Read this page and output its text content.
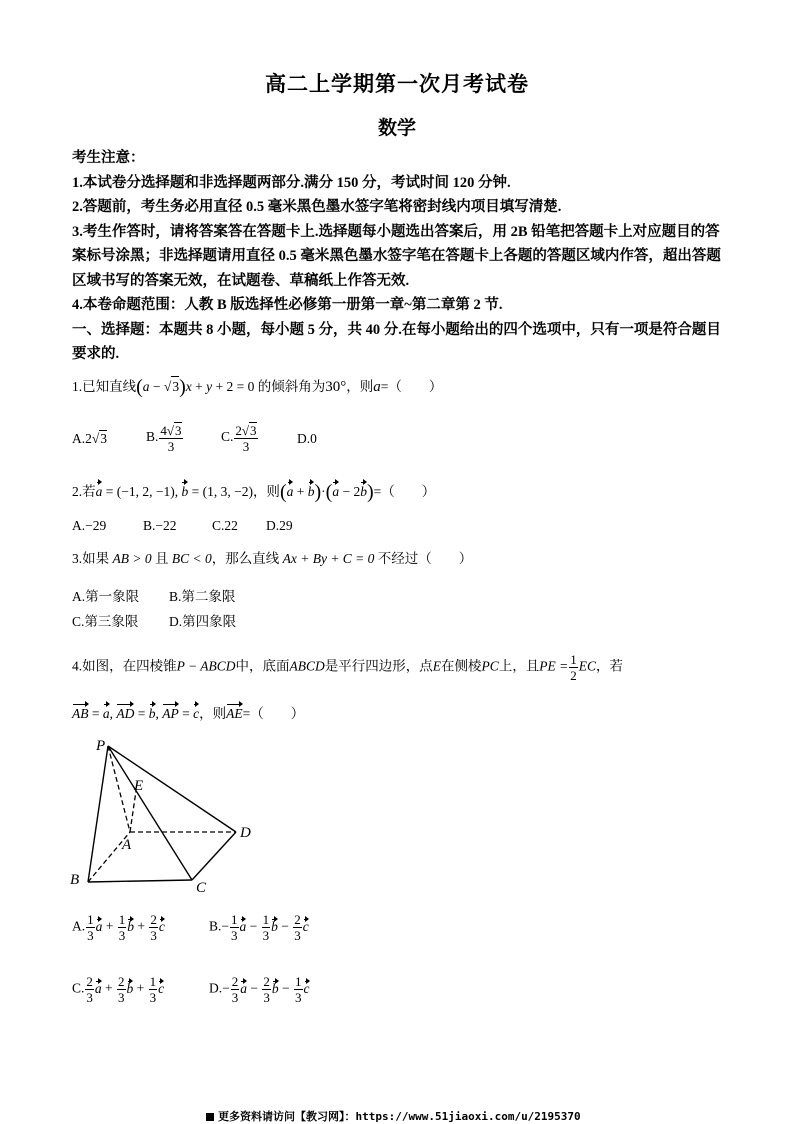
高二上学期第一次月考试卷
数学

考生注意：

1.本试卷分选择题和非选择题两部分.满分 150 分，考试时间 120 分钟.

2.答题前，考生务必用直径 0.5 毫米黑色墨水签字笔将密封线内项目填写清楚.

3.考生作答时，请将答案答在答题卡上.选择题每小题选出答案后，用 2B 铅笔把答题卡上对应题目的答案标号涂黑；非选择题请用直径 0.5 毫米黑色墨水签字笔在答题卡上各题的答题区域内作答，超出答题区域书写的答案无效，在试题卷、草稿纸上作答无效.

4.本卷命题范围：人教 B 版选择性必修第一册第一章~第二章第 2 节.

一、选择题：本题共 8 小题，每小题 5 分，共 40 分.在每小题给出的四个选项中，只有一项是符合题目要求的.

1.已知直线(a − √3)x + y + 2 = 0 的倾斜角为30°，则a=（　　）
A.2√3	B. $\frac{4√3}{3}$	C. $\frac{2√3}{3}$	D.0
2.若a = (−1, 2, −1), b = (1, 3, −2)，则(a + b)·(a − 2b)=（　　）
A.−29	B.−22	C.22 D.29
3.如果 AB > 0 且 BC < 0，那么直线 Ax + By + C = 0 不经过（　　）
A.第一象限 B.第二象限
C.第三象限 D.第四象限
4.如图，在四棱锥P − ABCD中，底面ABCD是平行四边形，点E在侧棱PC上，且PE = $\frac{1}{2}$ EC，若
AB = a, AD = b, AP = c，则AE=（　　）
P
E
A
B	C
D
A. $\frac{1}{3}$ $a + \frac{1}{3}$ $b + \frac{2}{3}$ c	$B.- \frac{1}{3}$ $a - \frac{1}{3}$ $b - \frac{2}{3}$ c
C. $\frac{2}{3}$ $a + \frac{2}{3}$ $b + \frac{1}{3}$ c	$D.- \frac{2}{3}$ $a - \frac{2}{3}$ $b - \frac{1}{3}$ c
更多资料请访问【教习网】：https://www.51jiaoxi.com/u/2195370
